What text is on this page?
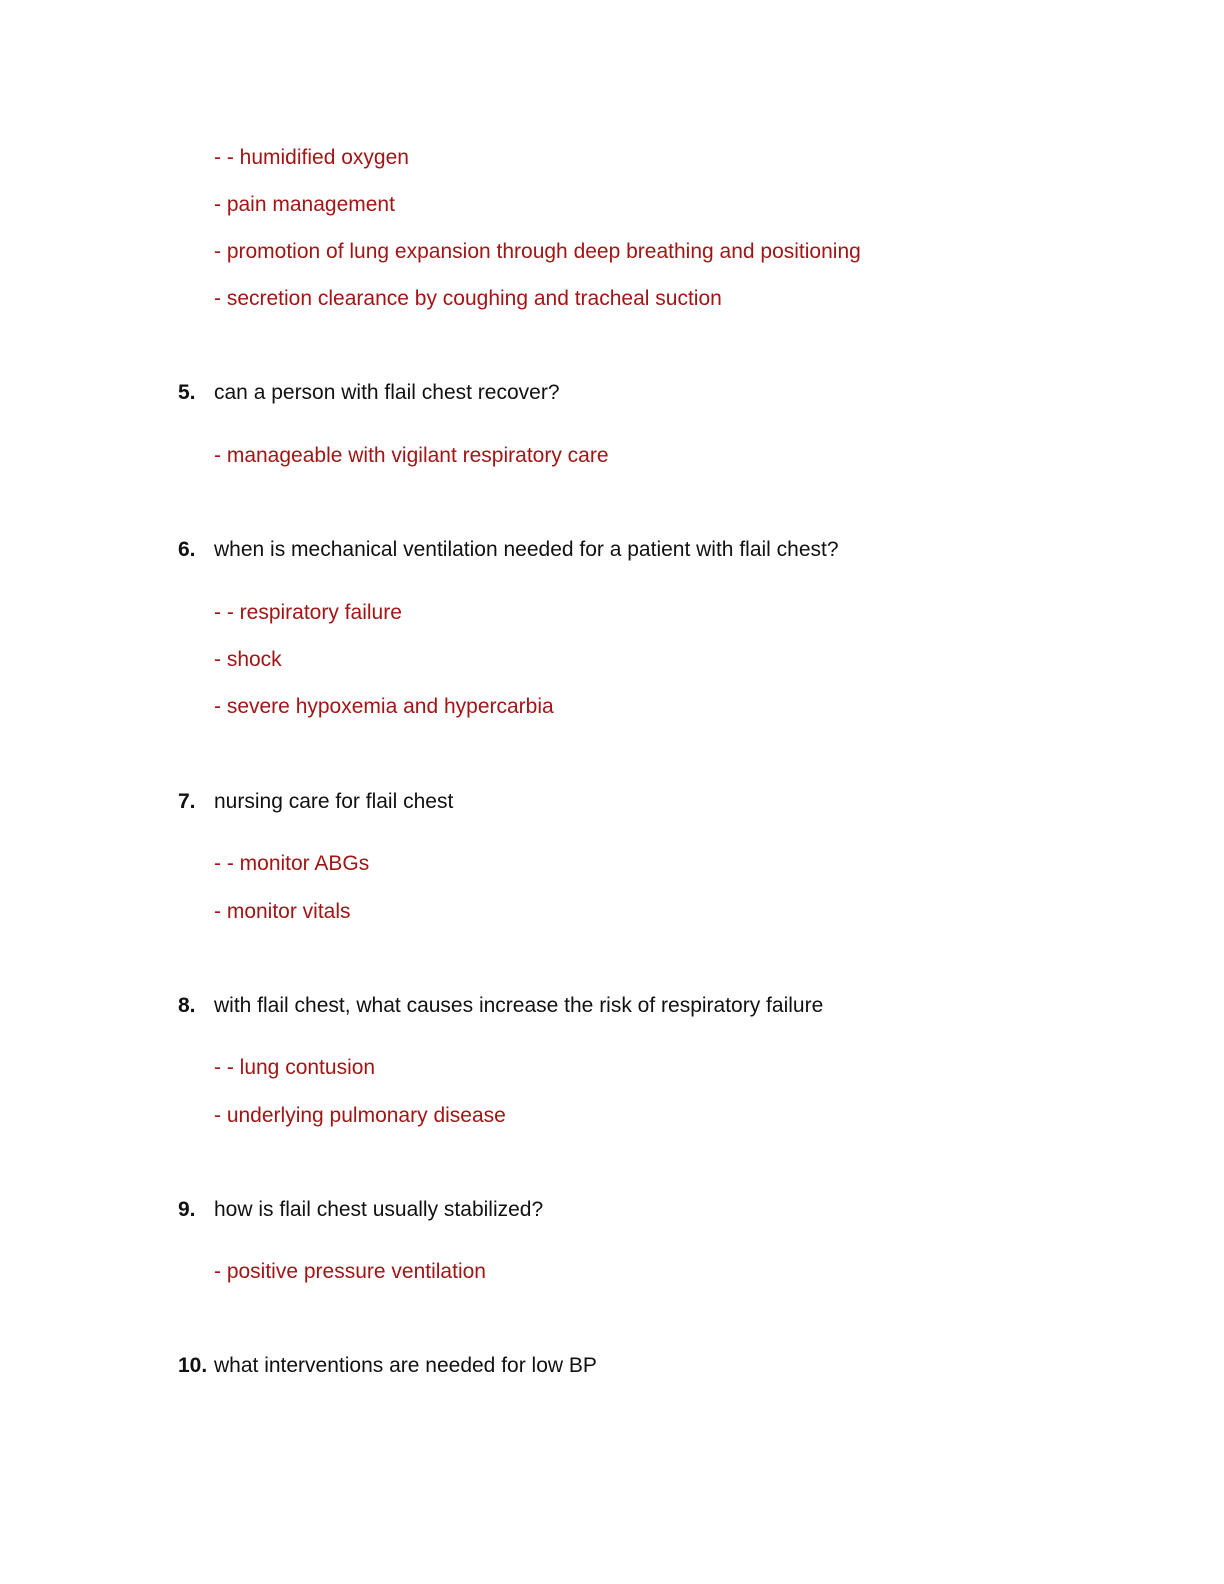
- - humidified oxygen
- pain management
- promotion of lung expansion through deep breathing and positioning
- secretion clearance by coughing and tracheal suction
5. can a person with flail chest recover?
- manageable with vigilant respiratory care
6. when is mechanical ventilation needed for a patient with flail chest?
- - respiratory failure
- shock
- severe hypoxemia and hypercarbia
7. nursing care for flail chest
- - monitor ABGs
- monitor vitals
8. with flail chest, what causes increase the risk of respiratory failure
- - lung contusion
- underlying pulmonary disease
9. how is flail chest usually stabilized?
- positive pressure ventilation
10. what interventions are needed for low BP
